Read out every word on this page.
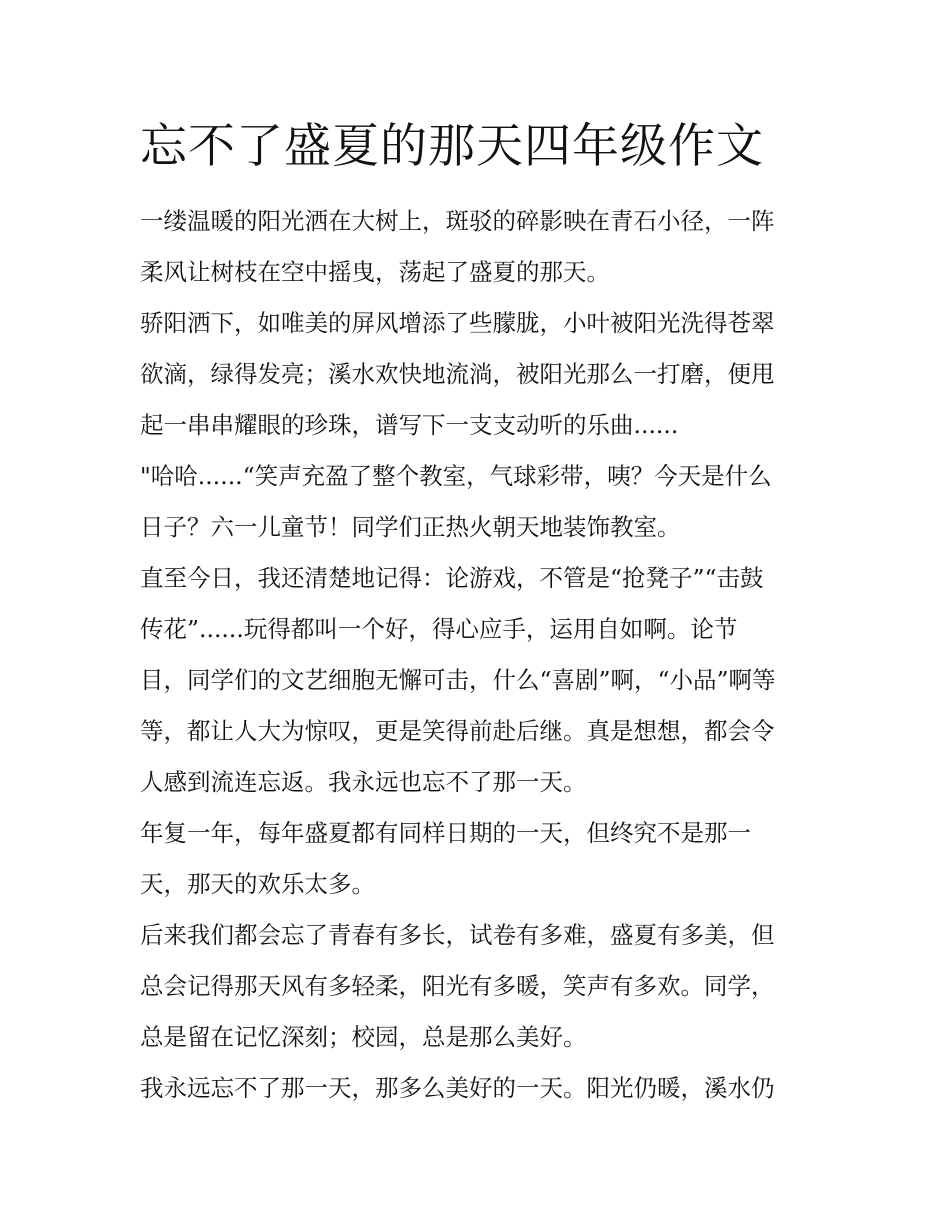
忘不了盛夏的那天四年级作文

一缕温暖的阳光洒在大树上，斑驳的碎影映在青石小径，一阵

柔风让树枝在空中摇曳，荡起了盛夏的那天。

骄阳洒下，如唯美的屏风增添了些朦胧，小叶被阳光洗得苍翠

欲滴，绿得发亮；溪水欢快地流淌，被阳光那么一打磨，便甩

起一串串耀眼的珍珠，谱写下一支支动听的乐曲......

"哈哈......“笑声充盈了整个教室，气球彩带，咦？今天是什么

日子？六一儿童节！同学们正热火朝天地装饰教室。

直至今日，我还清楚地记得：论游戏，不管是“抢凳子”“击鼓

传花”......玩得都叫一个好，得心应手，运用自如啊。论节

目，同学们的文艺细胞无懈可击，什么“喜剧”啊，“小品”啊等

等，都让人大为惊叹，更是笑得前赴后继。真是想想，都会令

人感到流连忘返。我永远也忘不了那一天。

年复一年，每年盛夏都有同样日期的一天，但终究不是那一

天，那天的欢乐太多。

后来我们都会忘了青春有多长，试卷有多难，盛夏有多美，但

总会记得那天风有多轻柔，阳光有多暖，笑声有多欢。同学，

总是留在记忆深刻；校园，总是那么美好。

我永远忘不了那一天，那多么美好的一天。阳光仍暖，溪水仍
